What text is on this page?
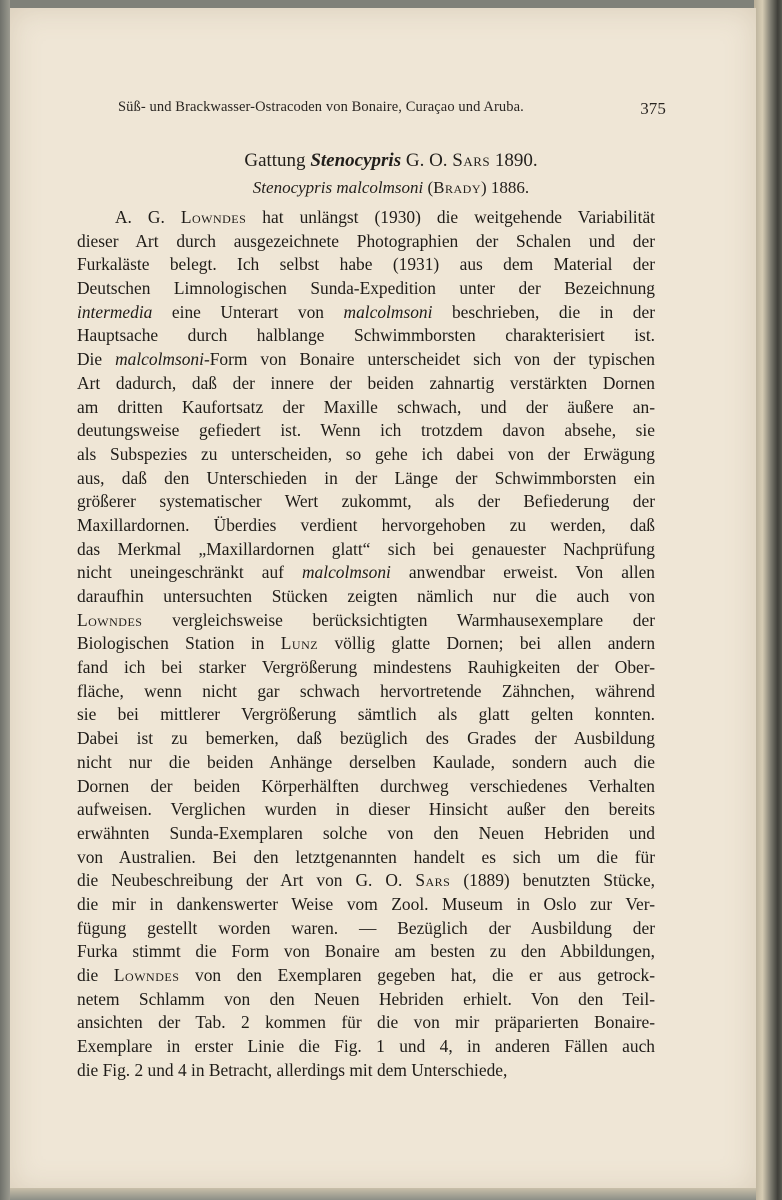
Süß- und Brackwasser-Ostracoden von Bonaire, Curaçao und Aruba.	375
Gattung Stenocypris G. O. Sars 1890.
Stenocypris malcolmsoni (Brady) 1886.
A. G. Lowndes hat unlängst (1930) die weitgehende Variabilität
dieser Art durch ausgezeichnete Photographien der Schalen und der
Furkaläste belegt. Ich selbst habe (1931) aus dem Material der
Deutschen Limnologischen Sunda-Expedition unter der Bezeichnung
intermedia eine Unterart von malcolmsoni beschrieben, die in der
Hauptsache durch halblange Schwimmborsten charakterisiert ist.
Die malcolmsoni-Form von Bonaire unterscheidet sich von der typischen
Art dadurch, daß der innere der beiden zahnartig verstärkten Dornen
am dritten Kaufortsatz der Maxille schwach, und der äußere an-
deutungsweise gefiedert ist. Wenn ich trotzdem davon absehe, sie
als Subspezies zu unterscheiden, so gehe ich dabei von der Erwägung
aus, daß den Unterschieden in der Länge der Schwimmborsten ein
größerer systematischer Wert zukommt, als der Befiederung der
Maxillardornen. Überdies verdient hervorgehoben zu werden, daß
das Merkmal „Maxillardornen glatt“ sich bei genauester Nachprüfung
nicht uneingeschränkt auf malcolmsoni anwendbar erweist. Von allen
daraufhin untersuchten Stücken zeigten nämlich nur die auch von
Lowndes vergleichsweise berücksichtigten Warmhausexemplare der
Biologischen Station in Lunz völlig glatte Dornen; bei allen andern
fand ich bei starker Vergrößerung mindestens Rauhigkeiten der Ober-
fläche, wenn nicht gar schwach hervortretende Zähnchen, während
sie bei mittlerer Vergrößerung sämtlich als glatt gelten konnten.
Dabei ist zu bemerken, daß bezüglich des Grades der Ausbildung
nicht nur die beiden Anhänge derselben Kaulade, sondern auch die
Dornen der beiden Körperhälften durchweg verschiedenes Verhalten
aufweisen. Verglichen wurden in dieser Hinsicht außer den bereits
erwähnten Sunda-Exemplaren solche von den Neuen Hebriden und
von Australien. Bei den letztgenannten handelt es sich um die für
die Neubeschreibung der Art von G. O. Sars (1889) benutzten Stücke,
die mir in dankenswerter Weise vom Zool. Museum in Oslo zur Ver-
fügung gestellt worden waren. — Bezüglich der Ausbildung der
Furka stimmt die Form von Bonaire am besten zu den Abbildungen,
die Lowndes von den Exemplaren gegeben hat, die er aus getrock-
netem Schlamm von den Neuen Hebriden erhielt. Von den Teil-
ansichten der Tab. 2 kommen für die von mir präparierten Bonaire-
Exemplare in erster Linie die Fig. 1 und 4, in anderen Fällen auch
die Fig. 2 und 4 in Betracht, allerdings mit dem Unterschiede,
